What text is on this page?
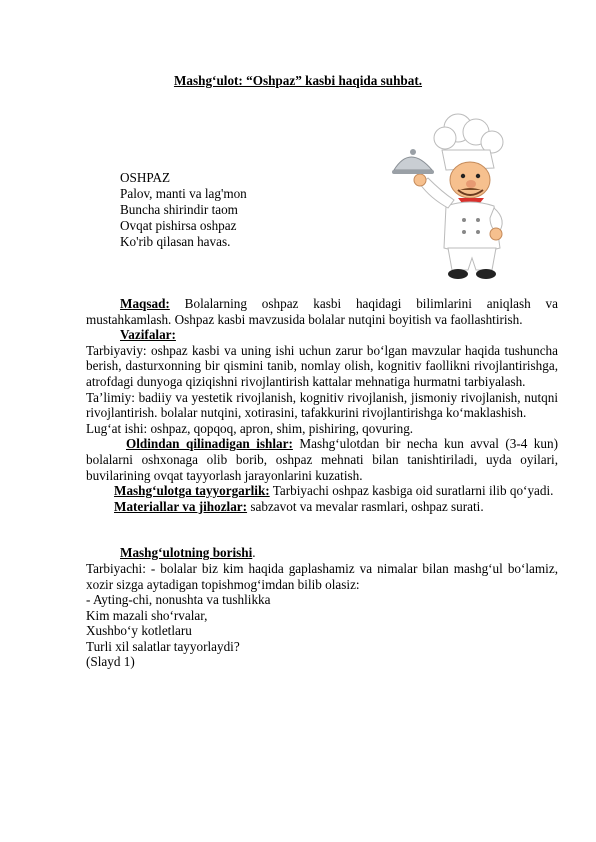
Mashg‘ulot: “Oshpaz” kasbi haqida suhbat.
OSHPAZ
Palov, manti va lag'mon
Buncha shirindir taom
Ovqat pishirsa oshpaz
Ko'rib qilasan havas.

Maqsad: Bolalarning oshpaz kasbi haqidagi bilimlarini aniqlash va mustahkamlash. Oshpaz kasbi mavzusida bolalar nutqini boyitish va faollashtirish.

Vazifalar:

Tarbiyaviy: oshpaz kasbi va uning ishi uchun zarur bo‘lgan mavzular haqida tushuncha berish, dasturxonning bir qismini tanib, nomlay olish, kognitiv faollikni rivojlantirishga, atrofdagi dunyoga qiziqishni rivojlantirish kattalar mehnatiga hurmatni tarbiyalash.

Ta’limiy: badiiy va yestetik rivojlanish, kognitiv rivojlanish, jismoniy rivojlanish, nutqni rivojlantirish. bolalar nutqini, xotirasini, tafakkurini rivojlantirishga ko‘maklashish.

Lug‘at ishi: oshpaz, qopqoq, apron, shim, pishiring, qovuring.

Oldindan qilinadigan ishlar: Mashg‘ulotdan bir necha kun avval (3-4 kun) bolalarni oshxonaga olib borib, oshpaz mehnati bilan tanishtiriladi, uyda oyilari, buvilarining ovqat tayyorlash jarayonlarini kuzatish.

Mashg‘ulotga tayyorgarlik: Tarbiyachi oshpaz kasbiga oid suratlarni ilib qo‘yadi.

Materiallar va jihozlar: sabzavot va mevalar rasmlari, oshpaz surati.

Mashg‘ulotning borishi.

Tarbiyachi: - bolalar biz kim haqida gaplashamiz va nimalar bilan mashg‘ul bo‘lamiz, xozir sizga aytadigan topishmog‘imdan bilib olasiz:

- Ayting-chi, nonushta va tushlikka

Kim mazali sho‘rvalar,

Xushbo‘y kotletlaru

Turli xil salatlar tayyorlaydi?

(Slayd 1)
